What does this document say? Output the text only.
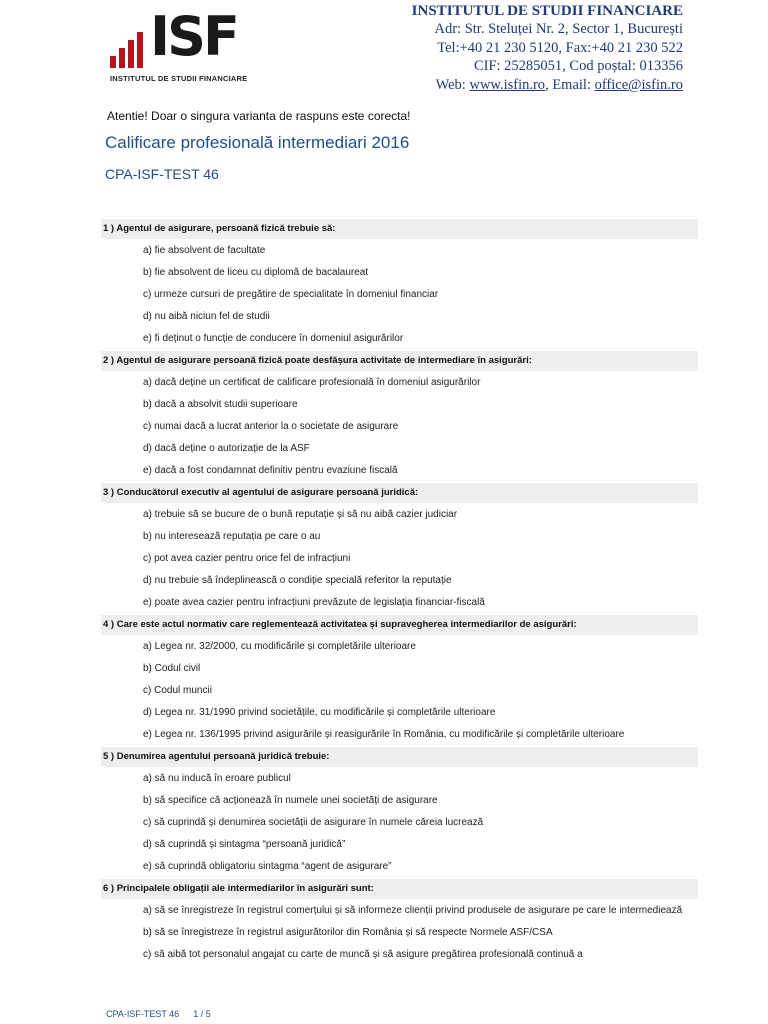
ISF
INSTITUTUL DE STUDII FINANCIARE
INSTITUTUL DE STUDII FINANCIARE
Adr: Str. Steluței Nr. 2, Sector 1, București
Tel:+40 21 230 5120, Fax:+40 21 230 522
CIF: 25285051, Cod poștal: 013356
Web: www.isfin.ro, Email: office@isfin.ro
Atentie! Doar o singura varianta de raspuns este corecta!
Calificare profesională intermediari 2016
CPA-ISF-TEST 46
1 ) Agentul de asigurare, persoană fizică trebuie să:
a) fie absolvent de facultate
b) fie absolvent de liceu cu diplomă de bacalaureat
c) urmeze cursuri de pregătire de specialitate în domeniul financiar
d) nu aibă niciun fel de studii
e) fi deținut o funcție de conducere în domeniul asigurărilor
2 ) Agentul de asigurare persoană fizică poate desfășura activitate de intermediare în asigurări:
a) dacă deține un certificat de calificare profesională în domeniul asigurărilor
b) dacă a absolvit studii superioare
c) numai dacă a lucrat anterior la o societate de asigurare
d) dacă deține o autorizație de la ASF
e) dacă a fost condamnat definitiv pentru evaziune fiscală
3 ) Conducătorul executiv al agentului de asigurare persoană juridică:
a) trebuie să se bucure de o bună reputație și să nu aibă cazier judiciar
b) nu interesează reputația pe care o au
c) pot avea cazier pentru orice fel de infracțiuni
d) nu trebuie să îndeplinească o condiție specială referitor la reputație
e) poate avea cazier pentru infracțiuni prevăzute de legislația financiar-fiscală
4 ) Care este actul normativ care reglementează activitatea și supravegherea intermediarilor de asigurări:
a) Legea nr. 32/2000, cu modificările și completările ulterioare
b) Codul civil
c) Codul muncii
d) Legea nr. 31/1990 privind societățile, cu modificările și completările ulterioare
e) Legea nr. 136/1995 privind asigurările și reasigurările în România, cu modificările și completările ulterioare
5 ) Denumirea agentului persoană juridică trebuie:
a) să nu inducă în eroare publicul
b) să specifice că acționează în numele unei societăți de asigurare
c) să cuprindă și denumirea societății de asigurare în numele căreia lucrează
d) să cuprindă și sintagma “persoană juridică”
e) să cuprindă obligatoriu sintagma “agent de asigurare”
6 ) Principalele obligații ale intermediarilor în asigurări sunt:
a) să se înregistreze în registrul comerțului și să informeze clienții privind produsele de asigurare pe care le intermediează
b) să se înregistreze în registrul asigurătorilor din România și să respecte Normele ASF/CSA
c) să aibă tot personalul angajat cu carte de muncă și să asigure pregătirea profesională continuă a
CPA-ISF-TEST 46 1 / 5
